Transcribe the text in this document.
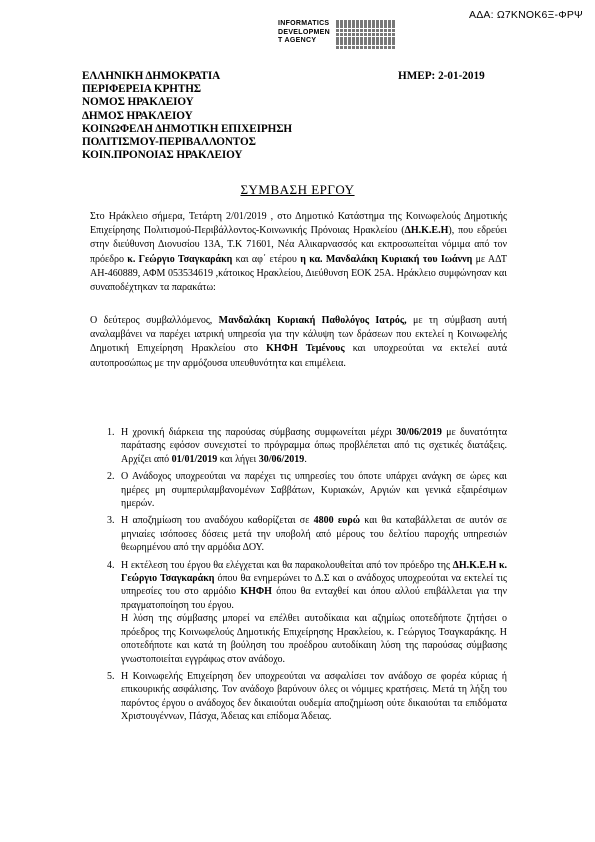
ΑΔΑ: Ω7ΚΝΟΚ6Ξ-ΦΡΨ
INFORMATICS
DEVELOPMEN
T AGENCY
ΕΛΛΗΝΙΚΗ ΔΗΜΟΚΡΑΤΙΑ
ΠΕΡΙΦΕΡΕΙΑ ΚΡΗΤΗΣ
ΝΟΜΟΣ ΗΡΑΚΛΕΙΟΥ
ΔΗΜΟΣ ΗΡΑΚΛΕΙΟΥ
ΚΟΙΝΩΦΕΛΗ ΔΗΜΟΤΙΚΗ ΕΠΙΧΕΙΡΗΣΗ
ΠΟΛΙΤΙΣΜΟΥ-ΠΕΡΙΒΑΛΛΟΝΤΟΣ
ΚΟΙΝ.ΠΡΟΝΟΙΑΣ ΗΡΑΚΛΕΙΟΥ
ΗΜΕΡ: 2-01-2019
ΣΥΜΒΑΣΗ ΕΡΓΟΥ
Στο Ηράκλειο σήμερα, Τετάρτη 2/01/2019 , στο Δημοτικό Κατάστημα της Κοινωφελούς Δημοτικής Επιχείρησης Πολιτισμού-Περιβάλλοντος-Κοινωνικής Πρόνοιας Ηρακλείου (ΔΗ.Κ.Ε.Η), που εδρεύει στην διεύθυνση Διονυσίου 13Α, Τ.Κ 71601, Νέα Αλικαρνασσός και εκπροσωπείται νόμιμα από τον πρόεδρο κ. Γεώργιο Τσαγκαράκη και αφ΄ ετέρου η κα. Μανδαλάκη Κυριακή του Ιωάννη με ΑΔΤ ΑΗ-460889, ΑΦΜ 053534619 ,κάτοικος Ηρακλείου, Διεύθυνση ΕΟΚ 25Α. Ηράκλειο συμφώνησαν και συναποδέχτηκαν τα παρακάτω:
Ο δεύτερος συμβαλλόμενος, Μανδαλάκη Κυριακή Παθολόγος Ιατρός, με τη σύμβαση αυτή αναλαμβάνει να παρέχει ιατρική υπηρεσία για την κάλυψη των δράσεων που εκτελεί η Κοινωφελής Δημοτική Επιχείρηση Ηρακλείου στο ΚΗΦΗ Τεμένους και υποχρεούται να εκτελεί αυτά αυτοπροσώπως με την αρμόζουσα υπευθυνότητα και επιμέλεια.
1. Η χρονική διάρκεια της παρούσας σύμβασης συμφωνείται μέχρι 30/06/2019 με δυνατότητα παράτασης εφόσον συνεχιστεί το πρόγραμμα όπως προβλέπεται από τις σχετικές διατάξεις. Αρχίζει από 01/01/2019 και λήγει 30/06/2019.
2. Ο Ανάδοχος υποχρεούται να παρέχει τις υπηρεσίες του όποτε υπάρχει ανάγκη σε ώρες και ημέρες μη συμπεριλαμβανομένων Σαββάτων, Κυριακών, Αργιών και γενικά εξαιρέσιμων ημερών.
3. Η αποζημίωση του αναδόχου καθορίζεται σε 4800 ευρώ και θα καταβάλλεται σε αυτόν σε μηνιαίες ισόποσες δόσεις μετά την υποβολή από μέρους του δελτίου παροχής υπηρεσιών θεωρημένου από την αρμόδια ΔΟΥ.
4. Η εκτέλεση του έργου θα ελέγχεται και θα παρακολουθείται από τον πρόεδρο της ΔΗ.Κ.Ε.Η κ. Γεώργιο Τσαγκαράκη όπου θα ενημερώνει το Δ.Σ και ο ανάδοχος υποχρεούται να εκτελεί τις υπηρεσίες του στο αρμόδιο ΚΗΦΗ όπου θα ενταχθεί και όπου αλλού επιβάλλεται για την πραγματοποίηση του έργου.

Η λύση της σύμβασης μπορεί να επέλθει αυτοδίκαια και αζημίως οποτεδήποτε ζητήσει ο πρόεδρος της Κοινωφελούς Δημοτικής Επιχείρησης Ηρακλείου, κ. Γεώργιος Τσαγκαράκης. Η οποτεδήποτε και κατά τη βούληση του προέδρου αυτοδίκαιη λύση της παρούσας σύμβασης γνωστοποιείται εγγράφως στον ανάδοχο.

5. Η Κοινωφελής Επιχείρηση δεν υποχρεούται να ασφαλίσει τον ανάδοχο σε φορέα κύριας ή επικουρικής ασφάλισης. Τον ανάδοχο βαρύνουν όλες οι νόμιμες κρατήσεις. Μετά τη λήξη του παρόντος έργου ο ανάδοχος δεν δικαιούται ουδεμία αποζημίωση ούτε δικαιούται τα επιδόματα Χριστουγέννων, Πάσχα, Άδειας και επίδομα Άδειας.
